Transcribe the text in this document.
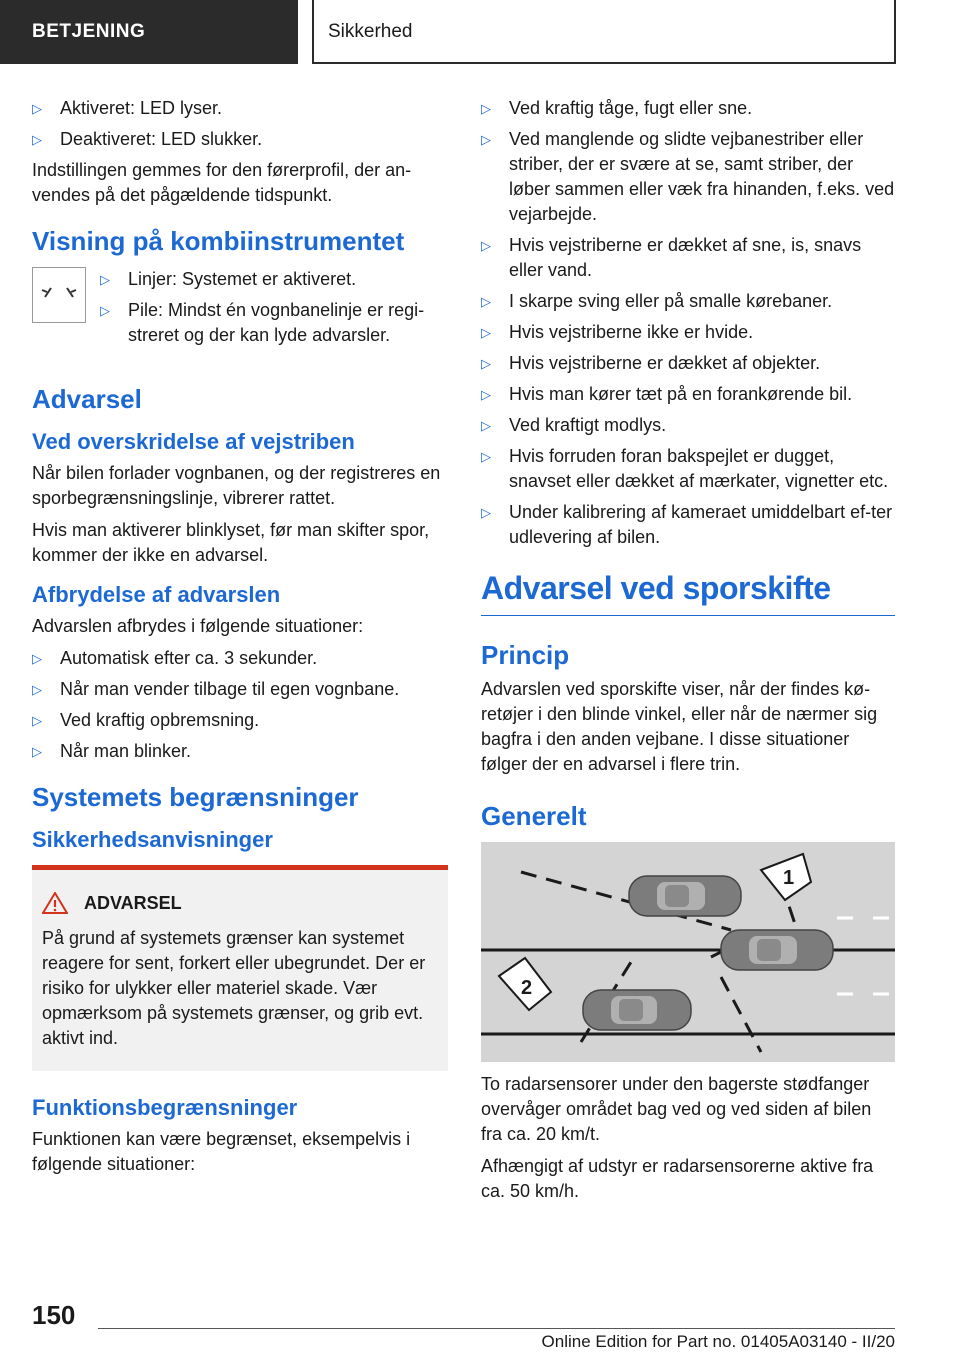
BETJENING	Sikkerhed
▷	Aktiveret: LED lyser.
▷	Deaktiveret: LED slukker.

Indstillingen gemmes for den førerprofil, der an-vendes på det pågældende tidspunkt.

Visning på kombiinstrumentet
▷	Linjer: Systemet er aktiveret.
▷	Pile: Mindst én vognbanelinje er regi-streret og der kan lyde advarsler.
Advarsel
Ved overskridelse af vejstriben

Når bilen forlader vognbanen, og der registreres en sporbegrænsningslinje, vibrerer rattet.

Hvis man aktiverer blinklyset, før man skifter spor, kommer der ikke en advarsel.

Afbrydelse af advarslen

Advarslen afbrydes i følgende situationer:

▷	Automatisk efter ca. 3 sekunder.
▷	Når man vender tilbage til egen vognbane.
▷	Ved kraftig opbremsning.
▷	Når man blinker.
Systemets begrænsninger
Sikkerhedsanvisninger
ADVARSEL

På grund af systemets grænser kan systemet reagere for sent, forkert eller ubegrundet. Der er risiko for ulykker eller materiel skade. Vær opmærksom på systemets grænser, og grib evt. aktivt ind.

Funktionsbegrænsninger

Funktionen kan være begrænset, eksempelvis i følgende situationer:

▷	Ved kraftig tåge, fugt eller sne.
▷	Ved manglende og slidte vejbanestriber eller striber, der er svære at se, samt striber, der løber sammen eller væk fra hinanden, f.eks. ved vejarbejde.
▷	Hvis vejstriberne er dækket af sne, is, snavs eller vand.
▷	I skarpe sving eller på smalle kørebaner.
▷	Hvis vejstriberne ikke er hvide.
▷	Hvis vejstriberne er dækket af objekter.
▷	Hvis man kører tæt på en forankørende bil.
▷	Ved kraftigt modlys.
▷	Hvis forruden foran bakspejlet er dugget, snavset eller dækket af mærkater, vignetter etc.
▷	Under kalibrering af kameraet umiddelbart ef-ter udlevering af bilen.
Advarsel ved sporskifte
Princip

Advarslen ved sporskifte viser, når der findes kø-retøjer i den blinde vinkel, eller når de nærmer sig bagfra i den anden vejbane. I disse situationer følger der en advarsel i flere trin.

Generelt
1
2

To radarsensorer under den bagerste stødfanger overvåger området bag ved og ved siden af bilen fra ca. 20 km/t.

Afhængigt af udstyr er radarsensorerne aktive fra ca. 50 km/h.

150
Online Edition for Part no. 01405A03140 - II/20
